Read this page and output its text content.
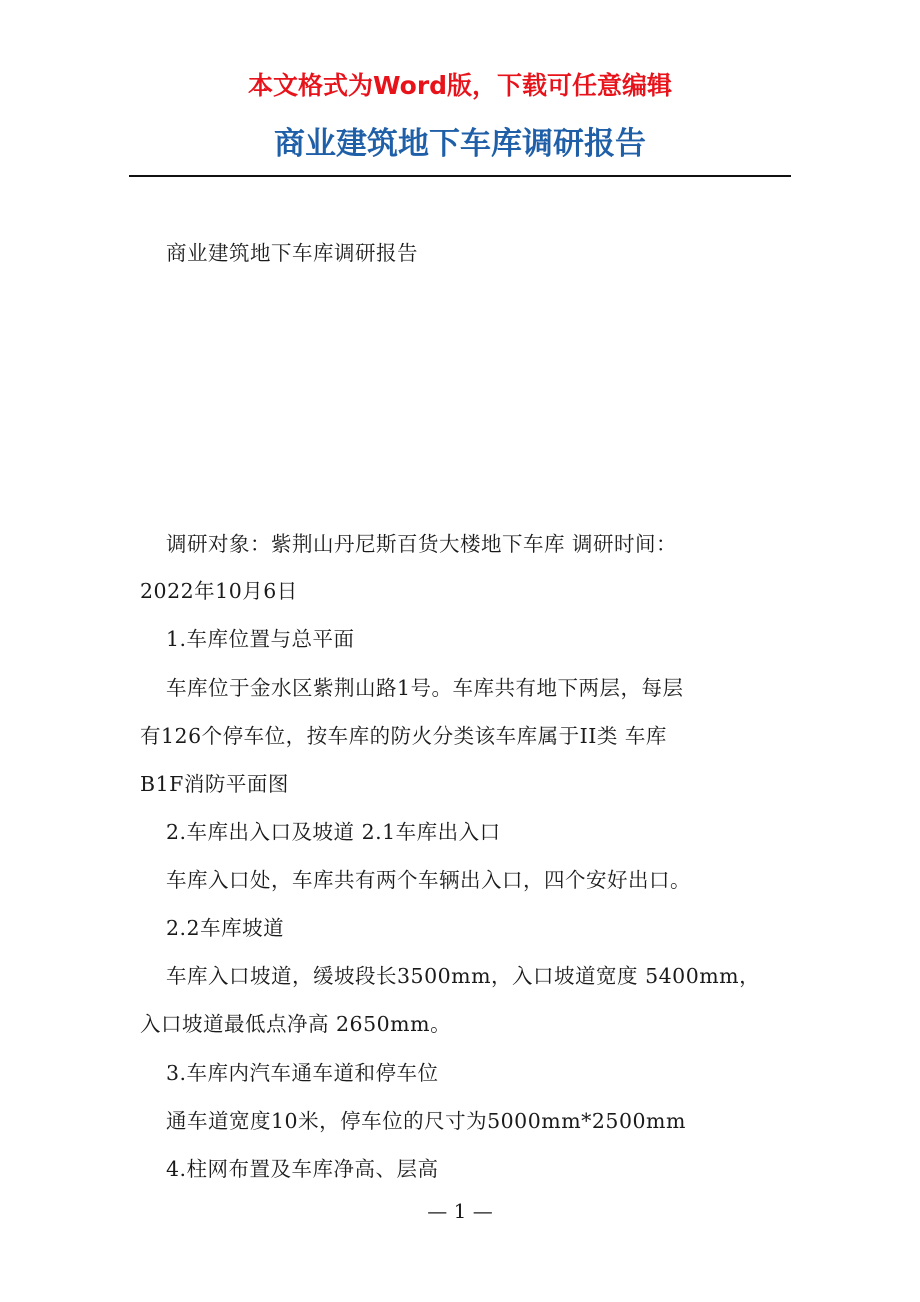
本文格式为Word版，下载可任意编辑
商业建筑地下车库调研报告

商业建筑地下车库调研报告

调研对象：紫荆山丹尼斯百货大楼地下车库 调研时间：

2022年10月6日

1.车库位置与总平面

车库位于金水区紫荆山路1号。车库共有地下两层，每层

有126个停车位，按车库的防火分类该车库属于II类 车库

B1F消防平面图

2.车库出入口及坡道 2.1车库出入口

车库入口处，车库共有两个车辆出入口，四个安好出口。

2.2车库坡道

车库入口坡道，缓坡段长3500mm，入口坡道宽度 5400mm，

入口坡道最低点净高 2650mm。

3.车库内汽车通车道和停车位

通车道宽度10米，停车位的尺寸为5000mm*2500mm

4.柱网布置及车库净高、层高

— 1 —
